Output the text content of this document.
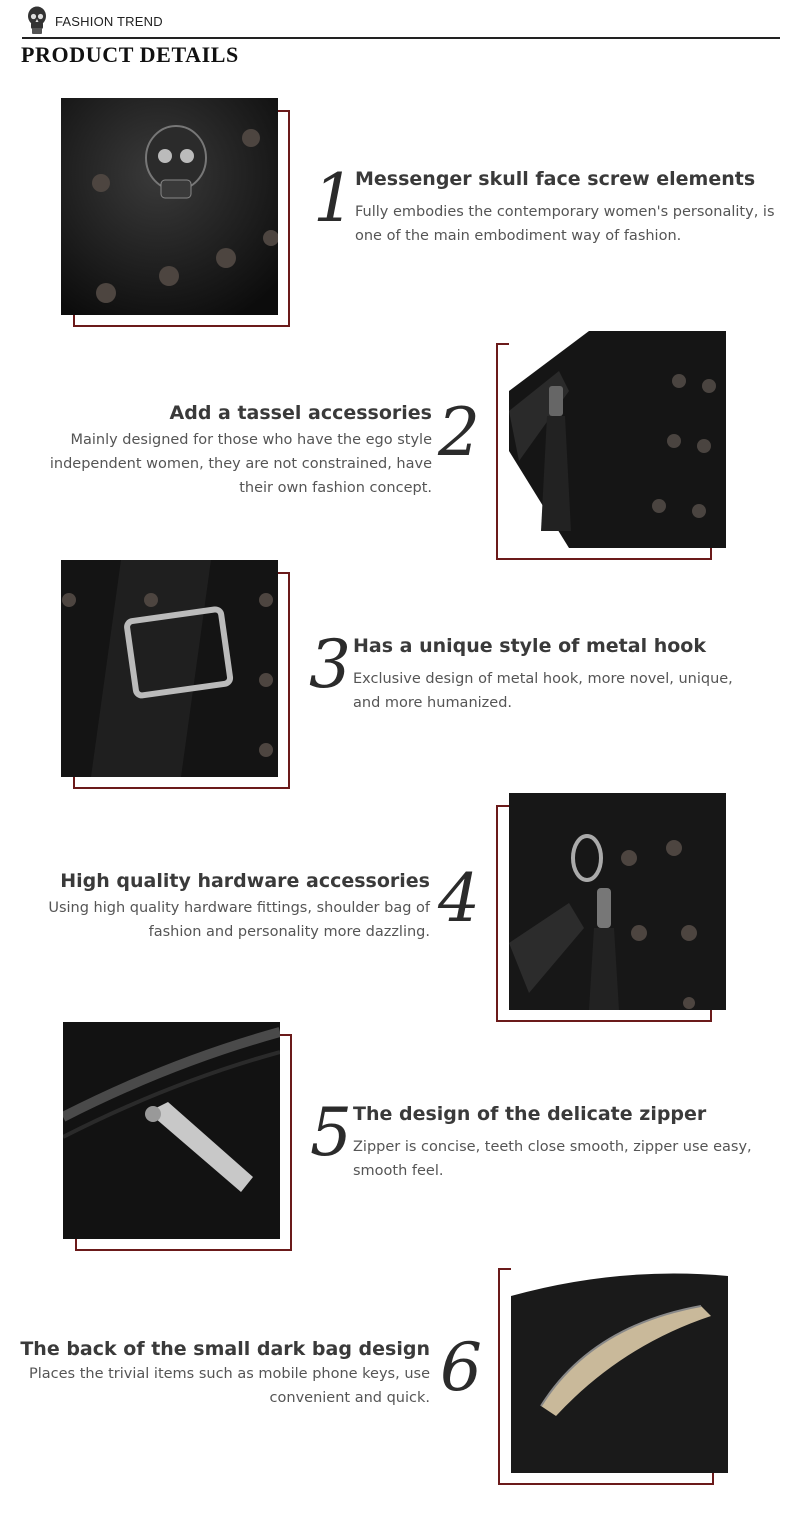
FASHION TREND
PRODUCT DETAILS
1 Messenger skull face screw elements
Fully embodies the contemporary women's personality, is one of the main embodiment way of fashion.
2
Add a tassel accessories
Mainly designed for those who have the ego style independent women, they are not constrained, have their own fashion concept.
3 Has a unique style of metal hook
Exclusive design of metal hook, more novel, unique, and more humanized.
4
High quality hardware accessories
Using high quality hardware fittings, shoulder bag of fashion and personality more dazzling.
5 The design of the delicate zipper
Zipper is concise, teeth close smooth, zipper use easy, smooth feel.
6
The back of the small dark bag design
Places the trivial items such as mobile phone keys, use convenient and quick.
